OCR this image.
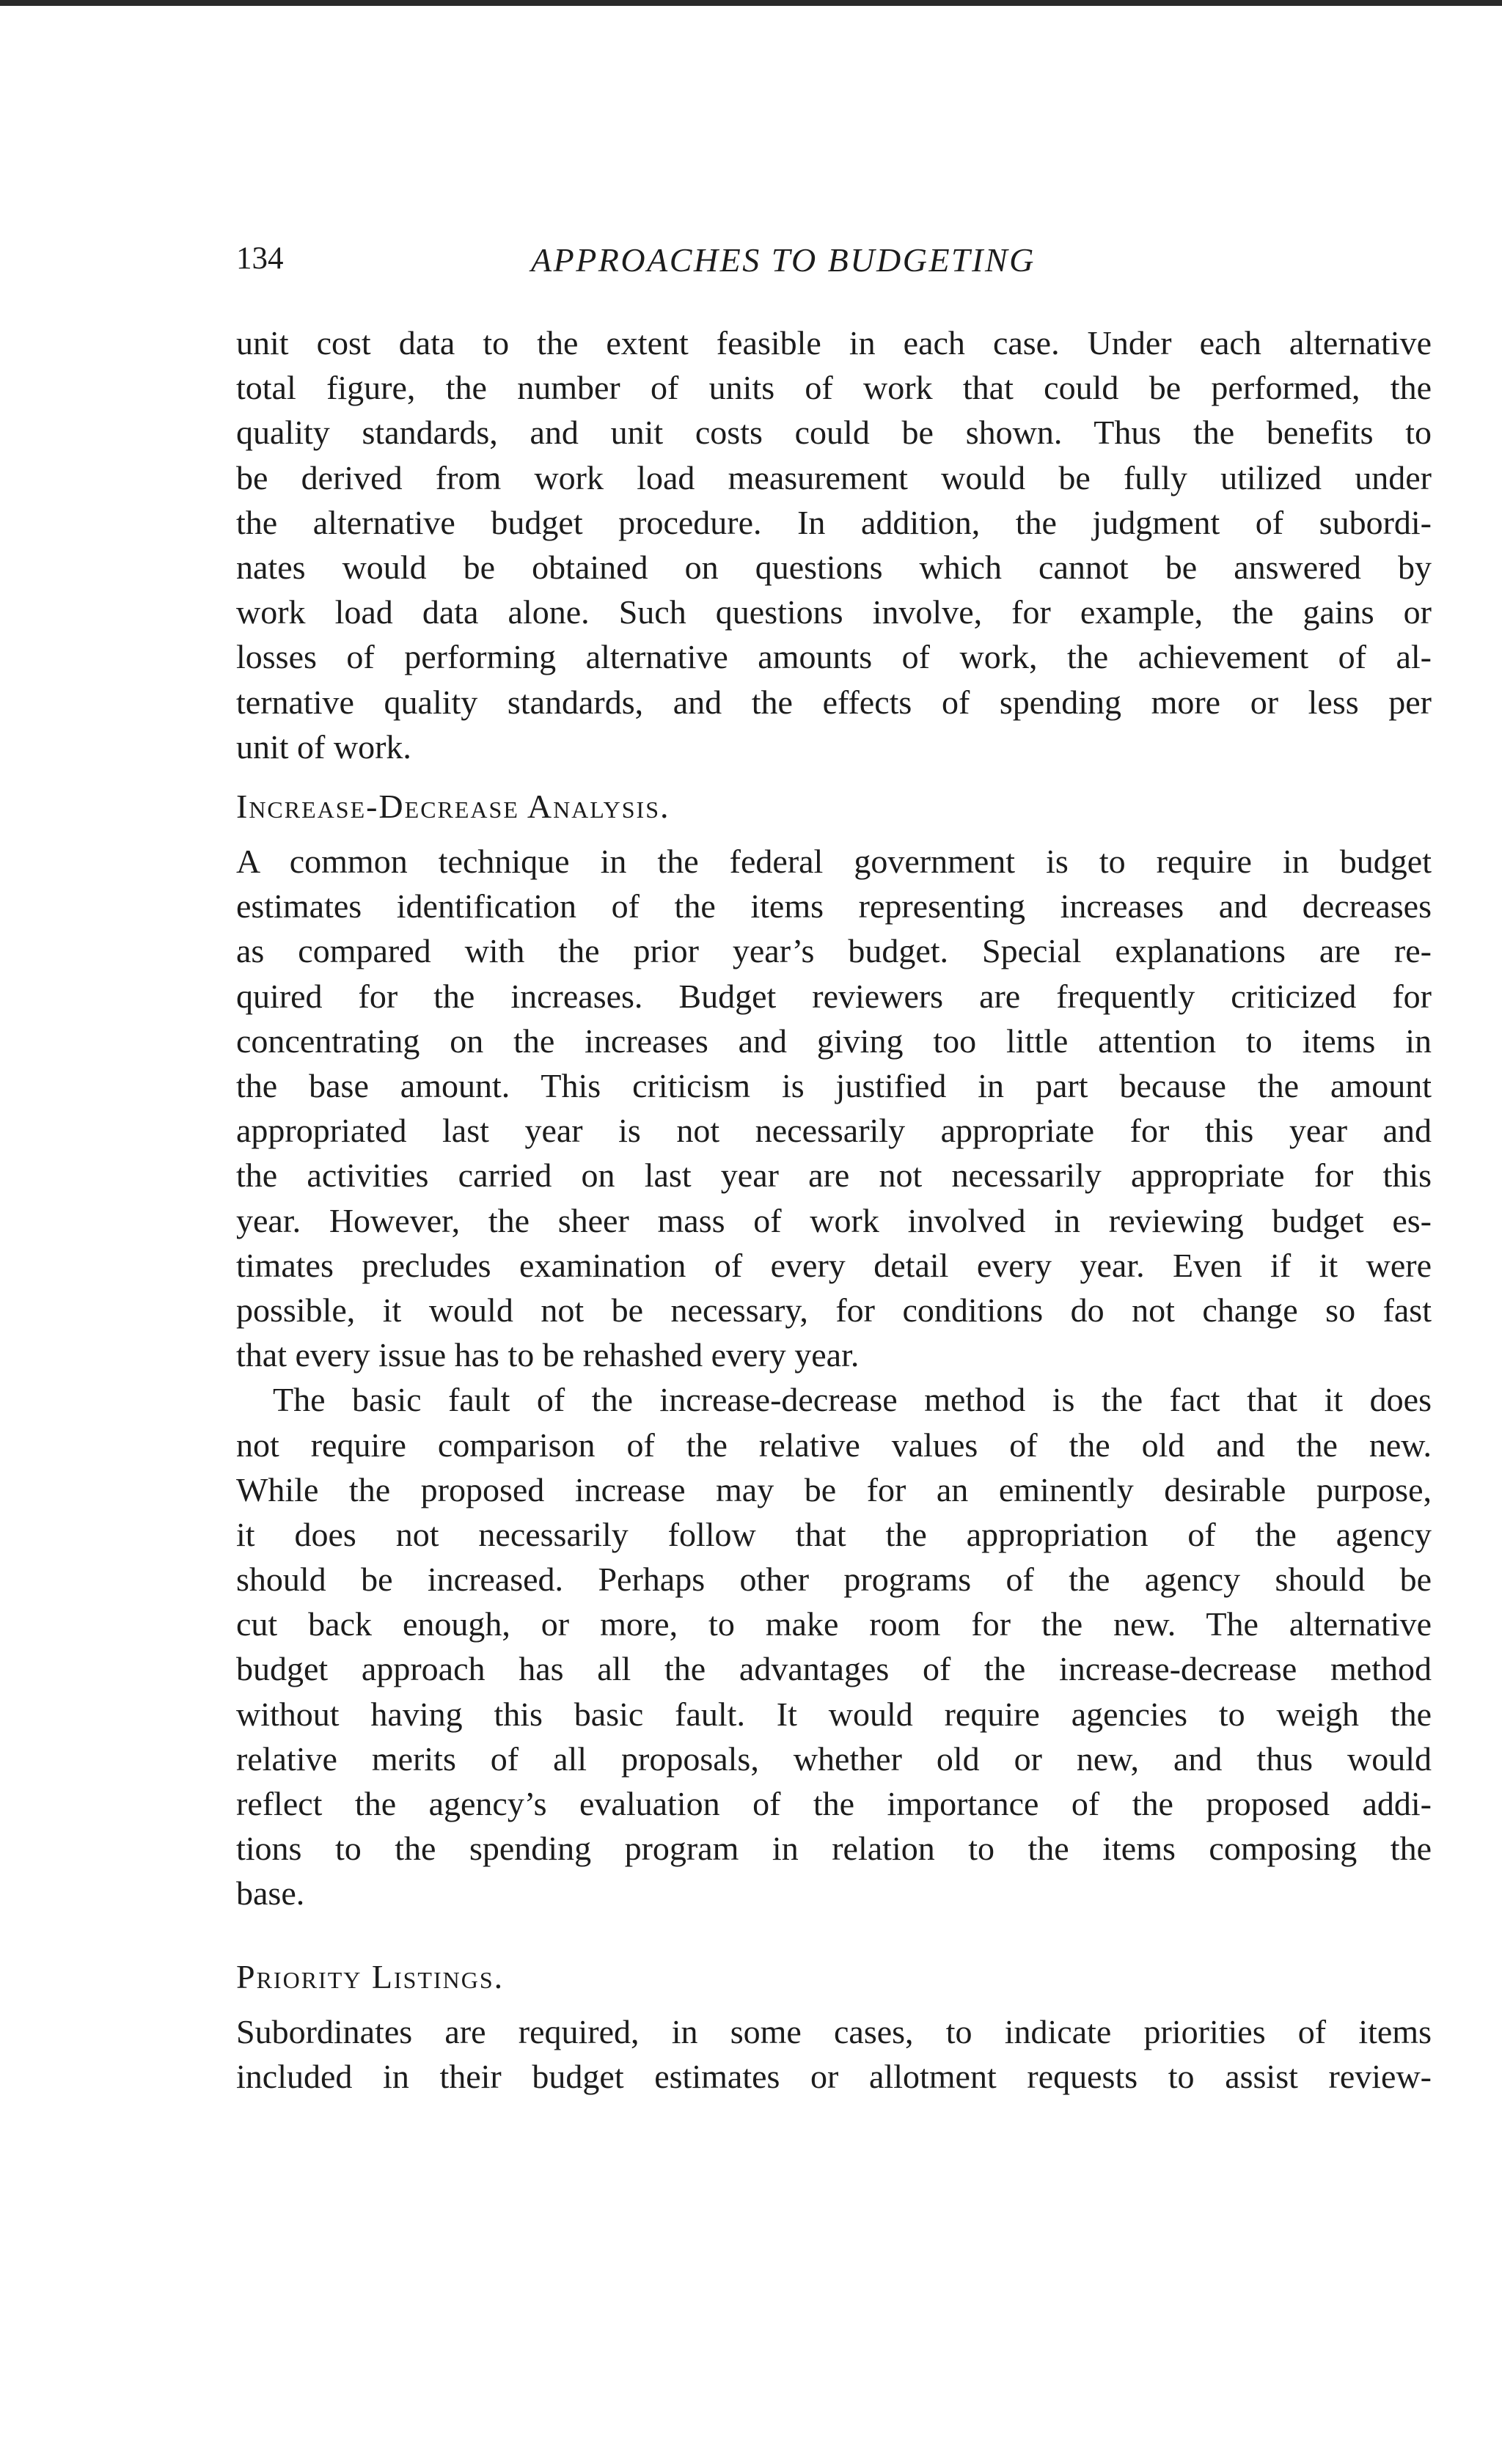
134	APPROACHES TO BUDGETING
unit cost data to the extent feasible in each case. Under each alternative
total figure, the number of units of work that could be performed, the
quality standards, and unit costs could be shown. Thus the benefits to
be derived from work load measurement would be fully utilized under
the alternative budget procedure. In addition, the judgment of subordi-
nates would be obtained on questions which cannot be answered by
work load data alone. Such questions involve, for example, the gains or
losses of performing alternative amounts of work, the achievement of al-
ternative quality standards, and the effects of spending more or less per
unit of work.
Increase-Decrease Analysis.
A common technique in the federal government is to require in budget
estimates identification of the items representing increases and decreases
as compared with the prior year’s budget. Special explanations are re-
quired for the increases. Budget reviewers are frequently criticized for
concentrating on the increases and giving too little attention to items in
the base amount. This criticism is justified in part because the amount
appropriated last year is not necessarily appropriate for this year and
the activities carried on last year are not necessarily appropriate for this
year. However, the sheer mass of work involved in reviewing budget es-
timates precludes examination of every detail every year. Even if it were
possible, it would not be necessary, for conditions do not change so fast
that every issue has to be rehashed every year.
The basic fault of the increase-decrease method is the fact that it does
not require comparison of the relative values of the old and the new.
While the proposed increase may be for an eminently desirable purpose,
it does not necessarily follow that the appropriation of the agency
should be increased. Perhaps other programs of the agency should be
cut back enough, or more, to make room for the new. The alternative
budget approach has all the advantages of the increase-decrease method
without having this basic fault. It would require agencies to weigh the
relative merits of all proposals, whether old or new, and thus would
reflect the agency’s evaluation of the importance of the proposed addi-
tions to the spending program in relation to the items composing the
base.
Priority Listings.
Subordinates are required, in some cases, to indicate priorities of items
included in their budget estimates or allotment requests to assist review-
